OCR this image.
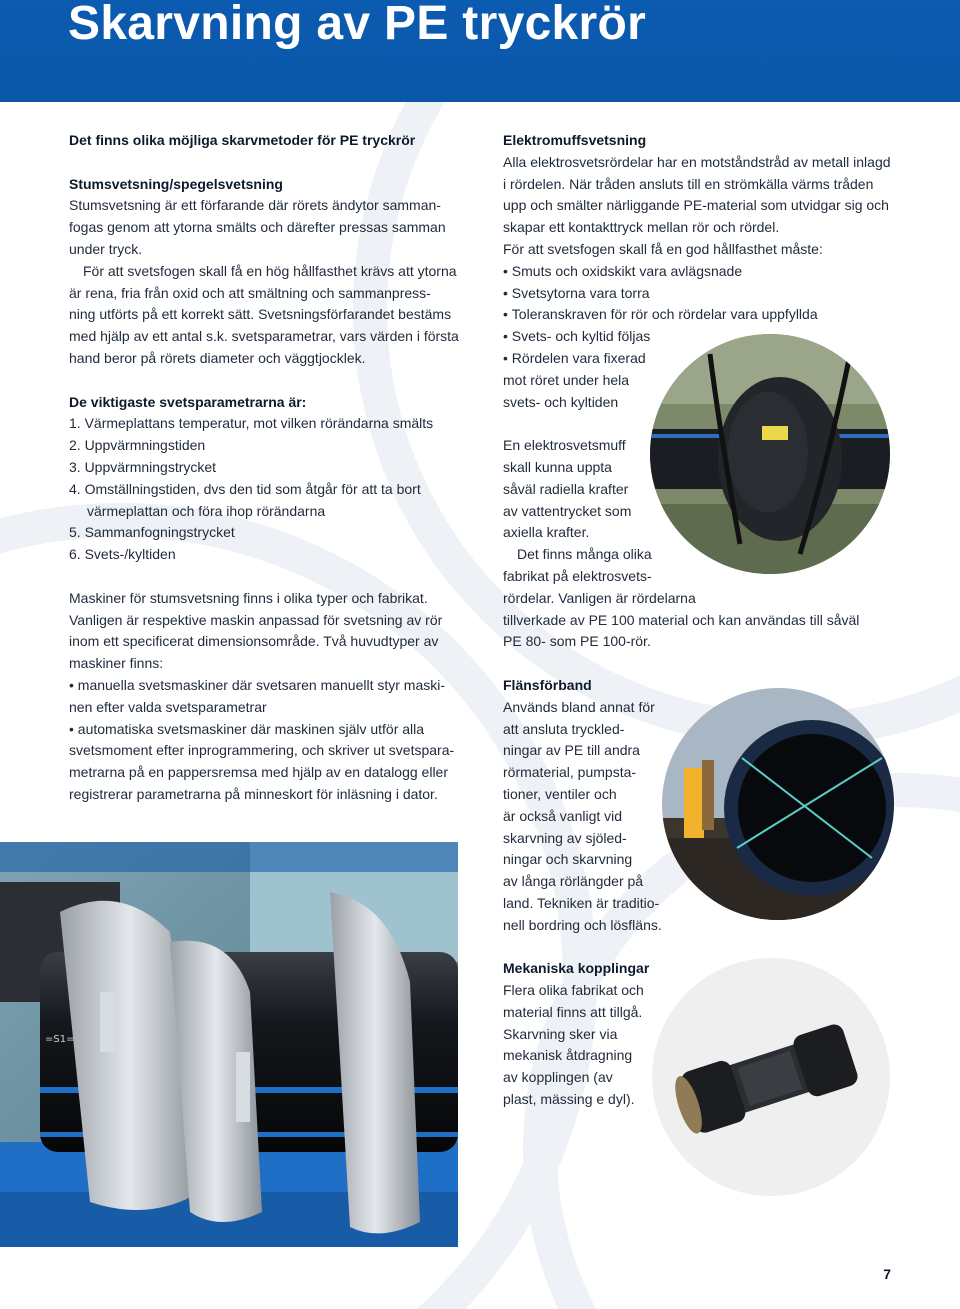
Skarvning av PE tryckrör
Det finns olika möjliga skarvmetoder för PE tryckrör
Stumsvetsning/spegelsvetsning

Stumsvetsning är ett förfarande där rörets ändytor samman-

fogas genom att ytorna smälts och därefter pressas samman

under tryck.

För att svetsfogen skall få en hög hållfasthet krävs att ytorna

är rena, fria från oxid och att smältning och sammanpress-

ning utförts på ett korrekt sätt. Svetsningsförfarandet bestäms

med hjälp av ett antal s.k. svetsparametrar, vars värden i första

hand beror på rörets diameter och väggtjocklek.

De viktigaste svetsparametrarna är:

1. Värmeplattans temperatur, mot vilken rörändarna smälts

2. Uppvärmningstiden

3. Uppvärmningstrycket

4. Omställningstiden, dvs den tid som åtgår för att ta bort

värmeplattan och föra ihop rörändarna

5. Sammanfogningstrycket

6. Svets-/kyltiden

Maskiner för stumsvetsning finns i olika typer och fabrikat.

Vanligen är respektive maskin anpassad för svetsning av rör

inom ett specificerat dimensionsområde. Två huvudtyper av

maskiner finns:

• manuella svetsmaskiner där svetsaren manuellt styr maski-

nen efter valda svetsparametrar

• automatiska svetsmaskiner där maskinen själv utför alla

svetsmoment efter inprogrammering, och skriver ut svetspara-

metrarna på en pappersremsa med hjälp av en datalogg eller

registrerar parametrarna på minneskort för inläsning i dator.

=S1=
Elektromuffsvetsning

Alla elektrosvetsrördelar har en motståndstråd av metall inlagd

i rördelen. När tråden ansluts till en strömkälla värms tråden

upp och smälter närliggande PE-material som utvidgar sig och

skapar ett kontakttryck mellan rör och rördel.

För att svetsfogen skall få en god hållfasthet måste:

• Smuts och oxidskikt vara avlägsnade

• Svetsytorna vara torra

• Toleranskraven för rör och rördelar vara uppfyllda

• Svets- och kyltid följas

• Rördelen vara fixerad

mot röret under hela

svets- och kyltiden

En elektrosvetsmuff

skall kunna uppta

såväl radiella krafter

av vattentrycket som

axiella krafter.

Det finns många olika

fabrikat på elektrosvets-

rördelar. Vanligen är rördelarna

tillverkade av PE 100 material och kan användas till såväl

PE 80- som PE 100-rör.

Flänsförband

Används bland annat för

att ansluta tryckled-

ningar av PE till andra

rörmaterial, pumpsta-

tioner, ventiler och

är också vanligt vid

skarvning av sjöled-

ningar och skarvning

av långa rörlängder på

land. Tekniken är traditio-

nell bordring och lösfläns.

Mekaniska kopplingar

Flera olika fabrikat och

material finns att tillgå.

Skarvning sker via

mekanisk åtdragning

av kopplingen (av

plast, mässing e dyl).

7
